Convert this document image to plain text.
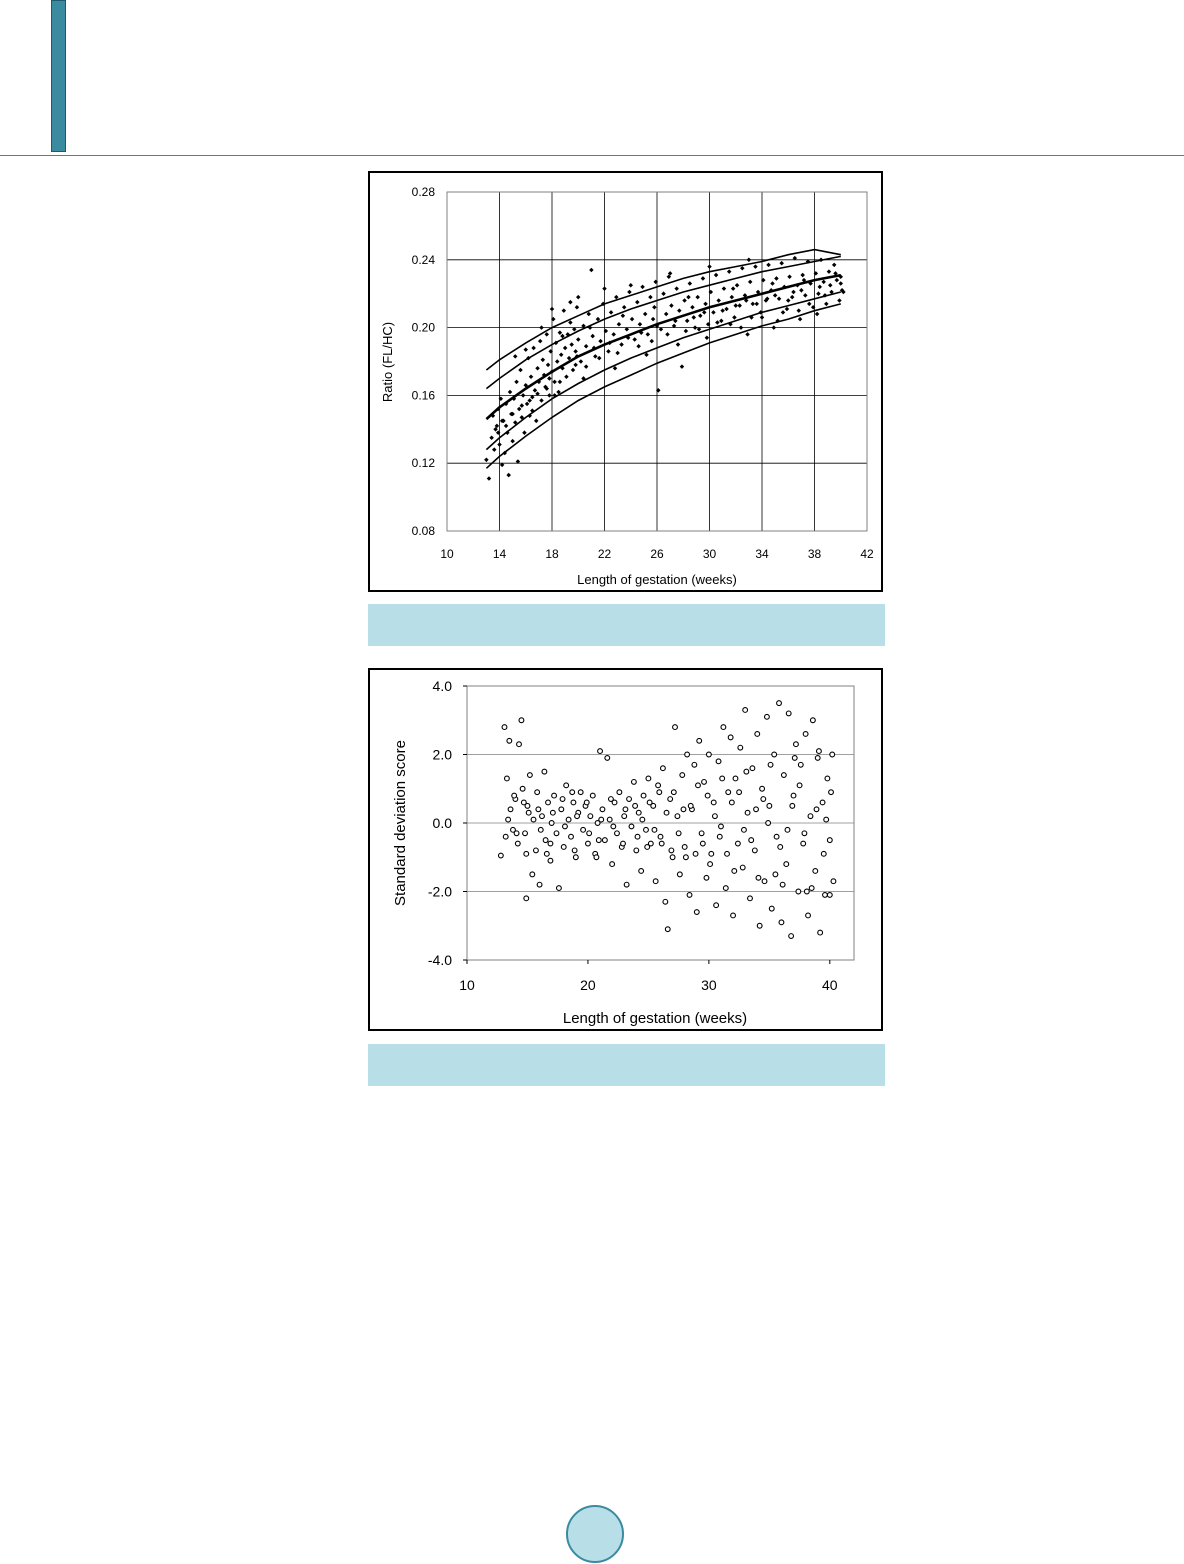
0.08
0.12
0.16
0.20
0.24
0.28
10	14	18	22	26	30	34	38	42
Length of gestation (weeks)
Ratio (FL/HC)
-4.0
-2.0
0.0
2.0
4.0
10	20	30	40
Length of gestation (weeks)
Standard deviation score
